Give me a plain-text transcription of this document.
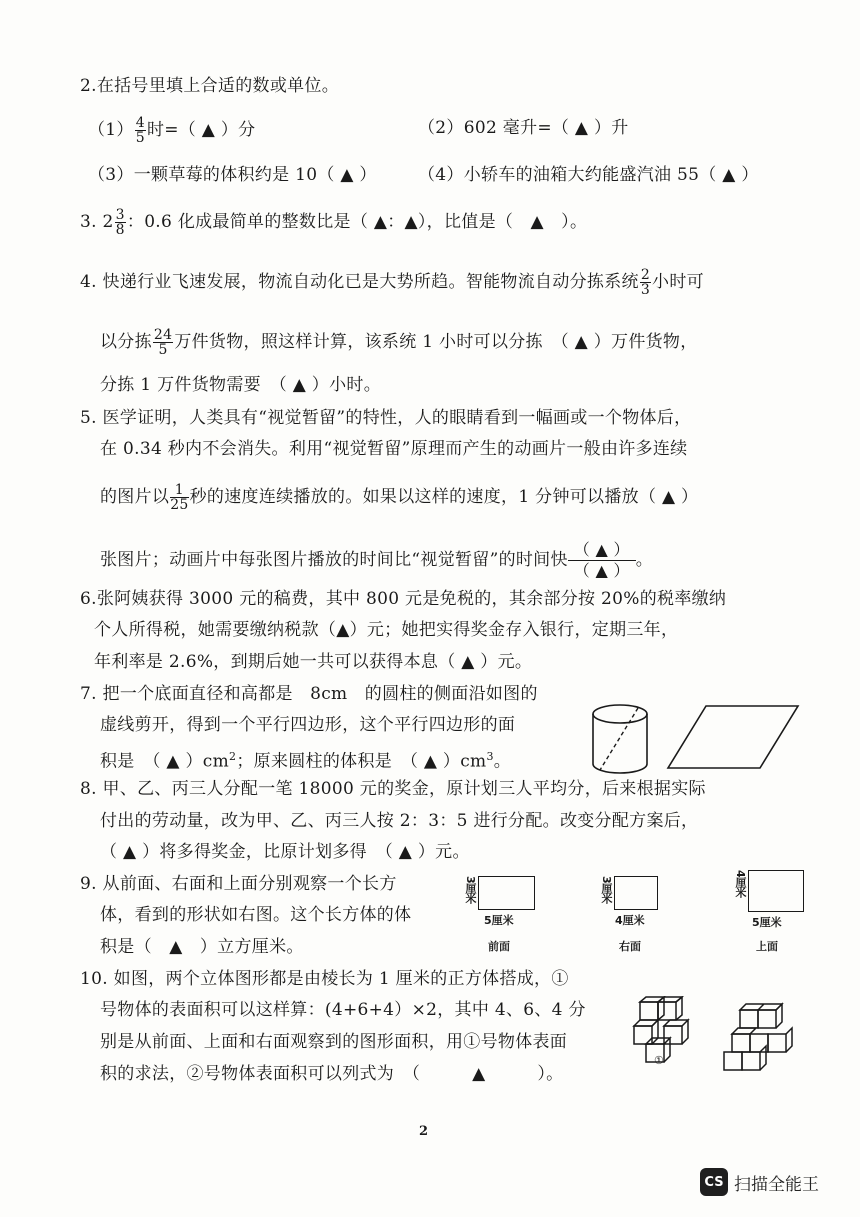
2.在括号里填上合适的数或单位。
$(1) \frac{4}{5}$ 时=（ ▲ ）分	（2）602 毫升=（ ▲ ）升
（3）一颗草莓的体积约是 10（ ▲ ） （4）小轿车的油箱大约能盛汽油 55（ ▲ ）
3. $2 \frac{3}{8}$ ：0.6 化成最简单的整数比是（ ▲：▲），比值是（　▲　）。
4. 快递行业飞速发展，物流自动化已是大势所趋。智能物流自动分拣系统 $\frac{2}{3}$ 小时可
以分拣 $\frac{24}{5}$ 万件货物，照这样计算，该系统 1 小时可以分拣　（ ▲ ）万件货物，
分拣 1 万件货物需要　（ ▲ ）小时。
5. 医学证明，人类具有“视觉暂留”的特性，人的眼睛看到一幅画或一个物体后，
在 0.34 秒内不会消失。利用“视觉暂留”原理而产生的动画片一般由许多连续
的图片以 $\frac{1}{25}$ 秒的速度连续播放的。如果以这样的速度，1 分钟可以播放（ ▲ ）
张图片；动画片中每张图片播放的时间比“视觉暂留”的时间快
（ ▲ ）
（ ▲ ）
。
6.张阿姨获得 3000 元的稿费，其中 800 元是免税的，其余部分按 20%的税率缴纳
个人所得税，她需要缴纳税款（▲）元；她把实得奖金存入银行，定期三年，
年利率是 2.6%，到期后她一共可以获得本息（ ▲ ）元。
7. 把一个底面直径和高都是　8cm　的圆柱的侧面沿如图的
虚线剪开，得到一个平行四边形，这个平行四边形的面
积是　（ ▲ ）$cm^2$；原来圆柱的体积是　（ ▲ ）$cm^3$。
8. 甲、乙、丙三人分配一笔 18000 元的奖金，原计划三人平均分，后来根据实际
付出的劳动量，改为甲、乙、丙三人按 2：3：5 进行分配。改变分配方案后，
（ ▲ ）将多得奖金，比原计划多得　（ ▲ ）元。
9. 从前面、右面和上面分别观察一个长方
体，看到的形状如右图。这个长方体的体
积是（　▲　）立方厘米。
3厘米
5厘米
前面
3厘米
4厘米
右面
4厘米
5厘米
上面
10. 如图，两个立体图形都是由棱长为 1 厘米的正方体搭成，①
号物体的表面积可以这样算：(4+6+4）×2，其中 4、6、4 分
别是从前面、上面和右面观察到的图形面积，用①号物体表面
积的求法，②号物体表面积可以列式为　（　　　▲　　　）。
①
2
CS 扫描全能王
